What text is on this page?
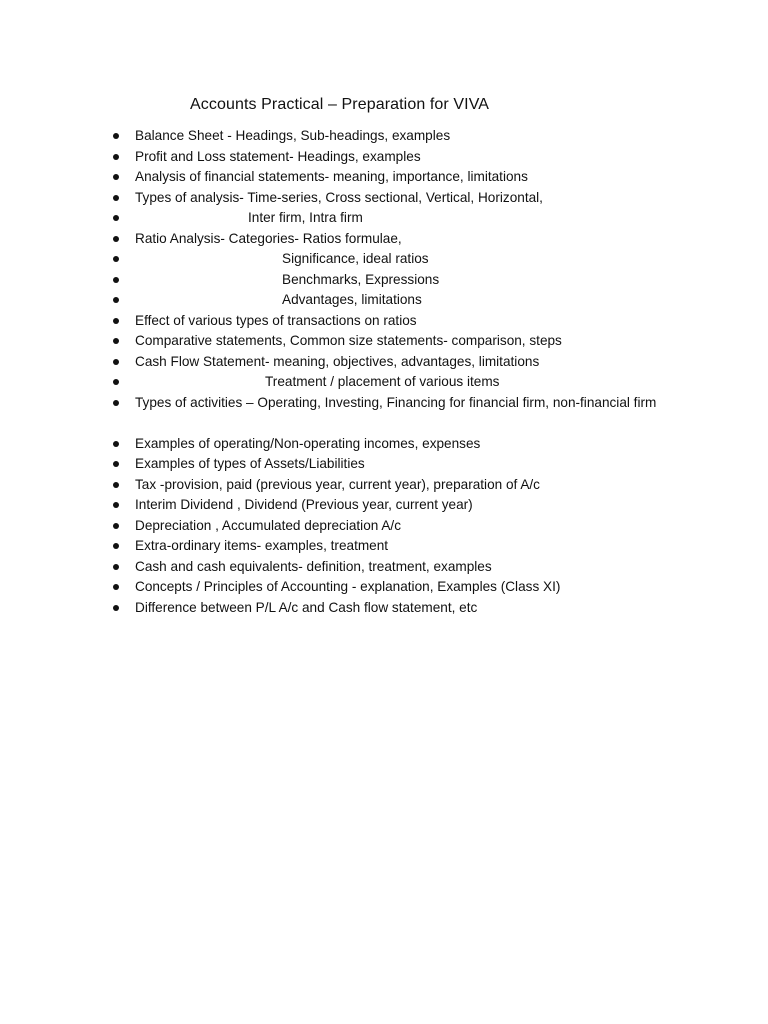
Accounts Practical – Preparation for VIVA
Balance Sheet - Headings, Sub-headings, examples
Profit and Loss statement- Headings, examples
Analysis of financial statements- meaning, importance, limitations
Types of analysis- Time-series, Cross sectional, Vertical, Horizontal,
Inter firm, Intra firm
Ratio Analysis- Categories- Ratios formulae,
Significance, ideal ratios
Benchmarks, Expressions
Advantages, limitations
Effect of various types of transactions on ratios
Comparative statements, Common size statements- comparison, steps
Cash Flow Statement- meaning, objectives, advantages, limitations
Treatment / placement of various items
Types of activities – Operating, Investing, Financing for financial firm, non-financial firm
Examples of operating/Non-operating incomes, expenses
Examples of types of Assets/Liabilities
Tax -provision, paid (previous year, current year), preparation of A/c
Interim Dividend , Dividend (Previous year, current year)
Depreciation , Accumulated depreciation A/c
Extra-ordinary items- examples, treatment
Cash and cash equivalents- definition, treatment, examples
Concepts / Principles of Accounting - explanation, Examples (Class XI)
Difference between P/L A/c and Cash flow statement, etc
